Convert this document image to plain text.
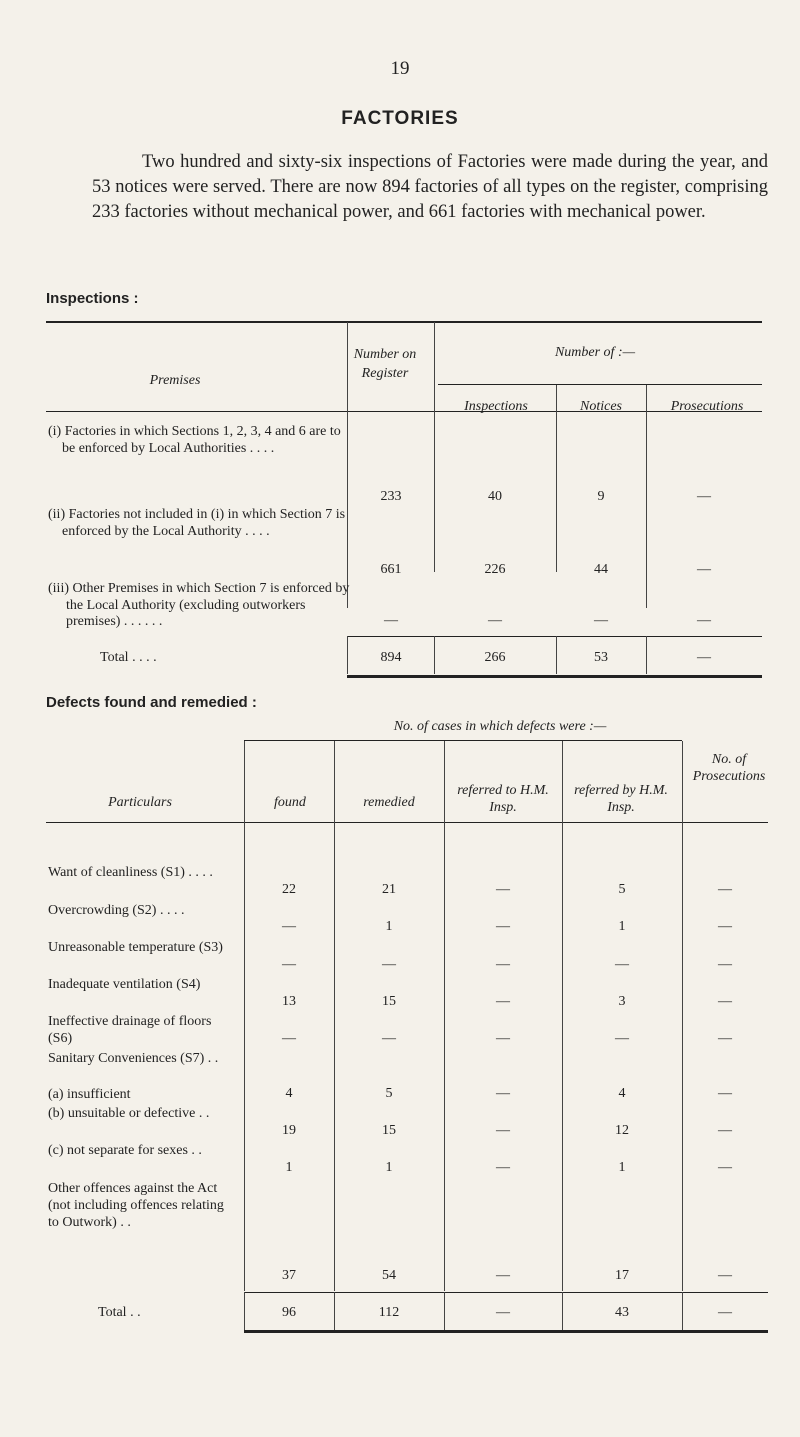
19
FACTORIES
Two hundred and sixty-six inspections of Factories were made during the year, and 53 notices were served. There are now 894 factories of all types on the register, comprising 233 factories without mechanical power, and 661 factories with mechanical power.
Inspections :
Premises
Number on Register
Number of :—
Inspections	Notices	Prosecutions
(i) Factories in which Sections 1, 2, 3, 4 and 6 are to be enforced by Local Authorities . . . .
233	40	9	—
(ii) Factories not included in (i) in which Section 7 is enforced by the Local Authority . . . .
661	226	44	—
(iii) Other Premises in which Section 7 is enforced by the Local Authority (excluding outworkers premises) . . . . . .	—	—	—	—
Total . . . .	894	266	53	—
Defects found and remedied :
No. of cases in which defects were :—
No. of Prosecutions
Particulars	found	remedied
referred to H.M. Insp.
referred by H.M. Insp.
Want of cleanliness (S1) . . . .
22	21	—	5	—
Overcrowding (S2) . . . .
—	1	—	1	—
Unreasonable temperature (S3)
—	—	—	—	—
Inadequate ventilation (S4)
13	15	—	3	—
Ineffective drainage of floors (S6)	—	—	—	—	—
Sanitary Conveniences (S7) . .
(a) insufficient	4	5	—	4	—
(b) unsuitable or defective . .
19	15	—	12	—
(c) not separate for sexes . .
1	1	—	1	—
Other offences against the Act (not including offences relating to Outwork) . .
37	54	—	17	—
Total . .	96	112	—	43	—
